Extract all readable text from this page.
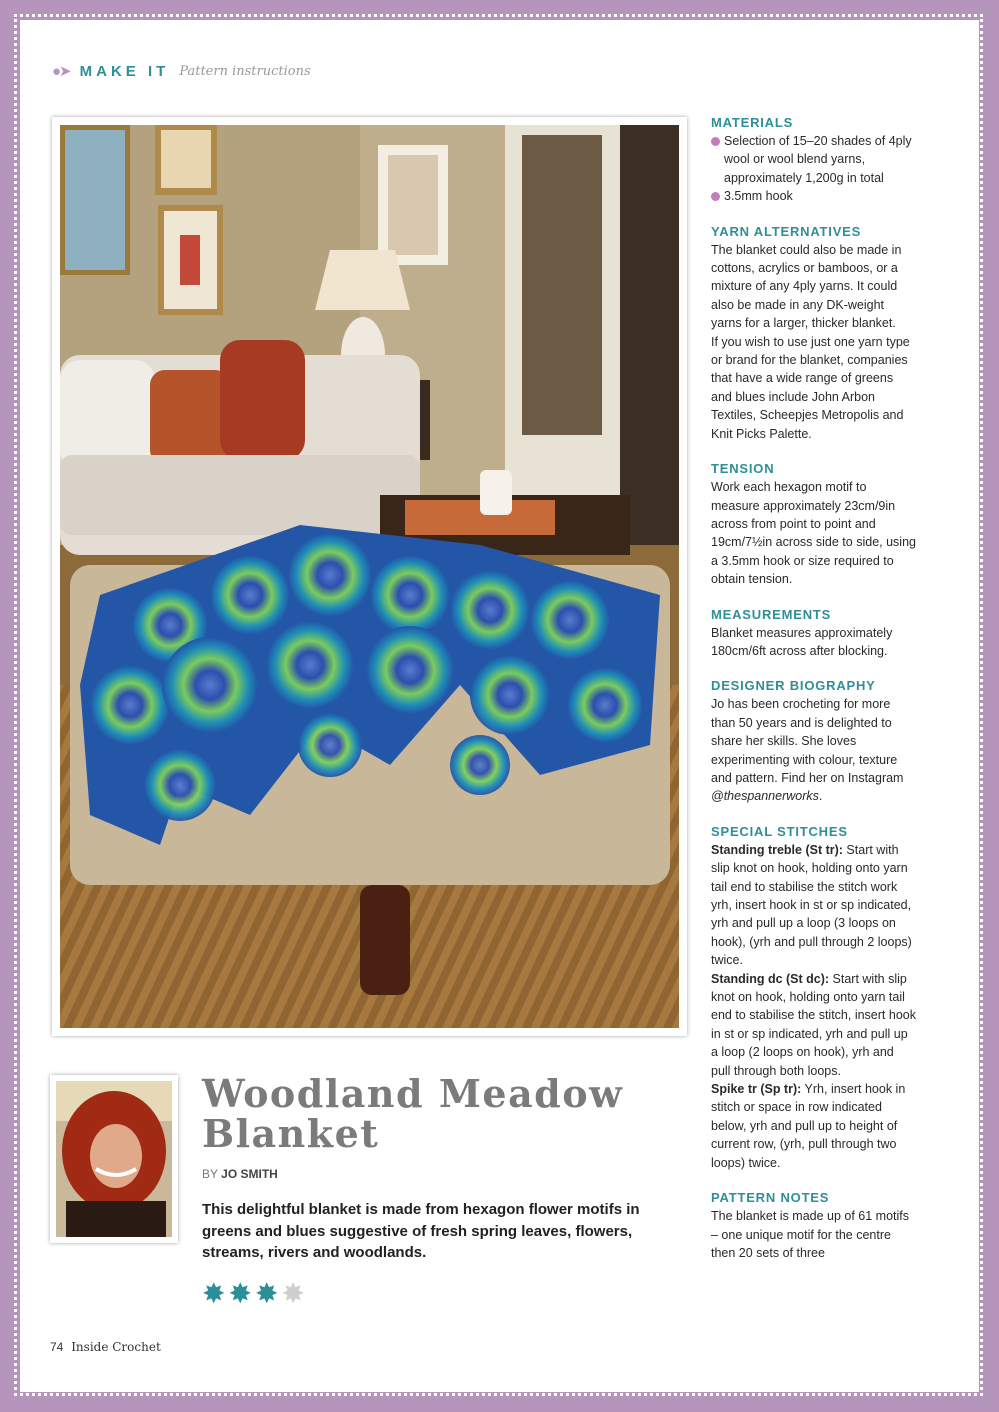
●➤ MAKE IT Pattern instructions
Woodland Meadow
Blanket
BY JO SMITH

This delightful blanket is made from hexagon flower motifs in greens and blues suggestive of fresh spring leaves, flowers, streams, rivers and woodlands.

✸ ✸ ✸ ✸
MATERIALS

Selection of 15–20 shades of 4ply wool or wool blend yarns, approximately 1,200g in total

3.5mm hook

YARN ALTERNATIVES

The blanket could also be made in cottons, acrylics or bamboos, or a mixture of any 4ply yarns. It could also be made in any DK-weight yarns for a larger, thicker blanket.

If you wish to use just one yarn type or brand for the blanket, companies that have a wide range of greens and blues include John Arbon Textiles, Scheepjes Metropolis and Knit Picks Palette.

TENSION

Work each hexagon motif to measure approximately 23cm/9in across from point to point and 19cm/7½in across side to side, using a 3.5mm hook or size required to obtain tension.

MEASUREMENTS

Blanket measures approximately 180cm/6ft across after blocking.

DESIGNER BIOGRAPHY

Jo has been crocheting for more than 50 years and is delighted to share her skills. She loves experimenting with colour, texture and pattern. Find her on Instagram @thespannerworks.

SPECIAL STITCHES

Standing treble (St tr): Start with slip knot on hook, holding onto yarn tail end to stabilise the stitch work yrh, insert hook in st or sp indicated, yrh and pull up a loop (3 loops on hook), (yrh and pull through 2 loops) twice.

Standing dc (St dc): Start with slip knot on hook, holding onto yarn tail end to stabilise the stitch, insert hook in st or sp indicated, yrh and pull up a loop (2 loops on hook), yrh and pull through both loops.

Spike tr (Sp tr): Yrh, insert hook in stitch or space in row indicated below, yrh and pull up to height of current row, (yrh, pull through two loops) twice.

PATTERN NOTES

The blanket is made up of 61 motifs – one unique motif for the centre then 20 sets of three

74 Inside Crochet
